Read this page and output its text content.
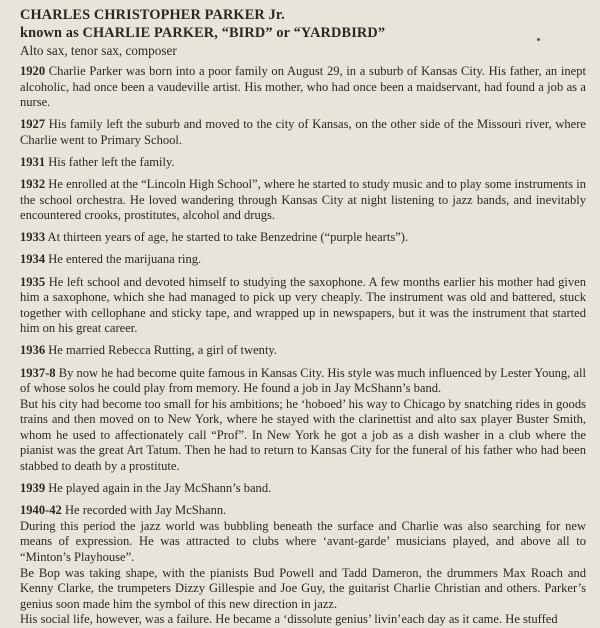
CHARLES CHRISTOPHER PARKER Jr.

known as CHARLIE PARKER, “BIRD” or “YARDBIRD”

Alto sax, tenor sax, composer

1920 Charlie Parker was born into a poor family on August 29, in a suburb of Kansas City. His father, an inept alcoholic, had once been a vaudeville artist. His mother, who had once been a maidservant, had found a job as a nurse.

1927 His family left the suburb and moved to the city of Kansas, on the other side of the Missouri river, where Charlie went to Primary School.

1931 His father left the family.

1932 He enrolled at the “Lincoln High School”, where he started to study music and to play some instruments in the school orchestra. He loved wandering through Kansas City at night listening to jazz bands, and inevitably encountered crooks, prostitutes, alcohol and drugs.

1933 At thirteen years of age, he started to take Benzedrine (“purple hearts”).

1934 He entered the marijuana ring.

1935 He left school and devoted himself to studying the saxophone. A few months earlier his mother had given him a saxophone, which she had managed to pick up very cheaply. The instrument was old and battered, stuck together with cellophane and sticky tape, and wrapped up in newspapers, but it was the instrument that started him on his great career.

1936 He married Rebecca Rutting, a girl of twenty.

1937-8 By now he had become quite famous in Kansas City. His style was much influenced by Lester Young, all of whose solos he could play from memory. He found a job in Jay McShann’s band.
But his city had become too small for his ambitions; he ‘hoboed’ his way to Chicago by snatching rides in goods trains and then moved on to New York, where he stayed with the clarinettist and alto sax player Buster Smith, whom he used to affectionately call “Prof”. In New York he got a job as a dish washer in a club where the pianist was the great Art Tatum. Then he had to return to Kansas City for the funeral of his father who had been stabbed to death by a prostitute.

1939 He played again in the Jay McShann’s band.

1940-42 He recorded with Jay McShann.
During this period the jazz world was bubbling beneath the surface and Charlie was also searching for new means of expression. He was attracted to clubs where ‘avant-garde’ musicians played, and above all to “Minton’s Playhouse”.
Be Bop was taking shape, with the pianists Bud Powell and Tadd Dameron, the drummers Max Roach and Kenny Clarke, the trumpeters Dizzy Gillespie and Joe Guy, the guitarist Charlie Christian and others. Parker’s genius soon made him the symbol of this new direction in jazz.
His social life, however, was a failure. He became a ‘dissolute genius’ livin’each day as it came. He stuffed
